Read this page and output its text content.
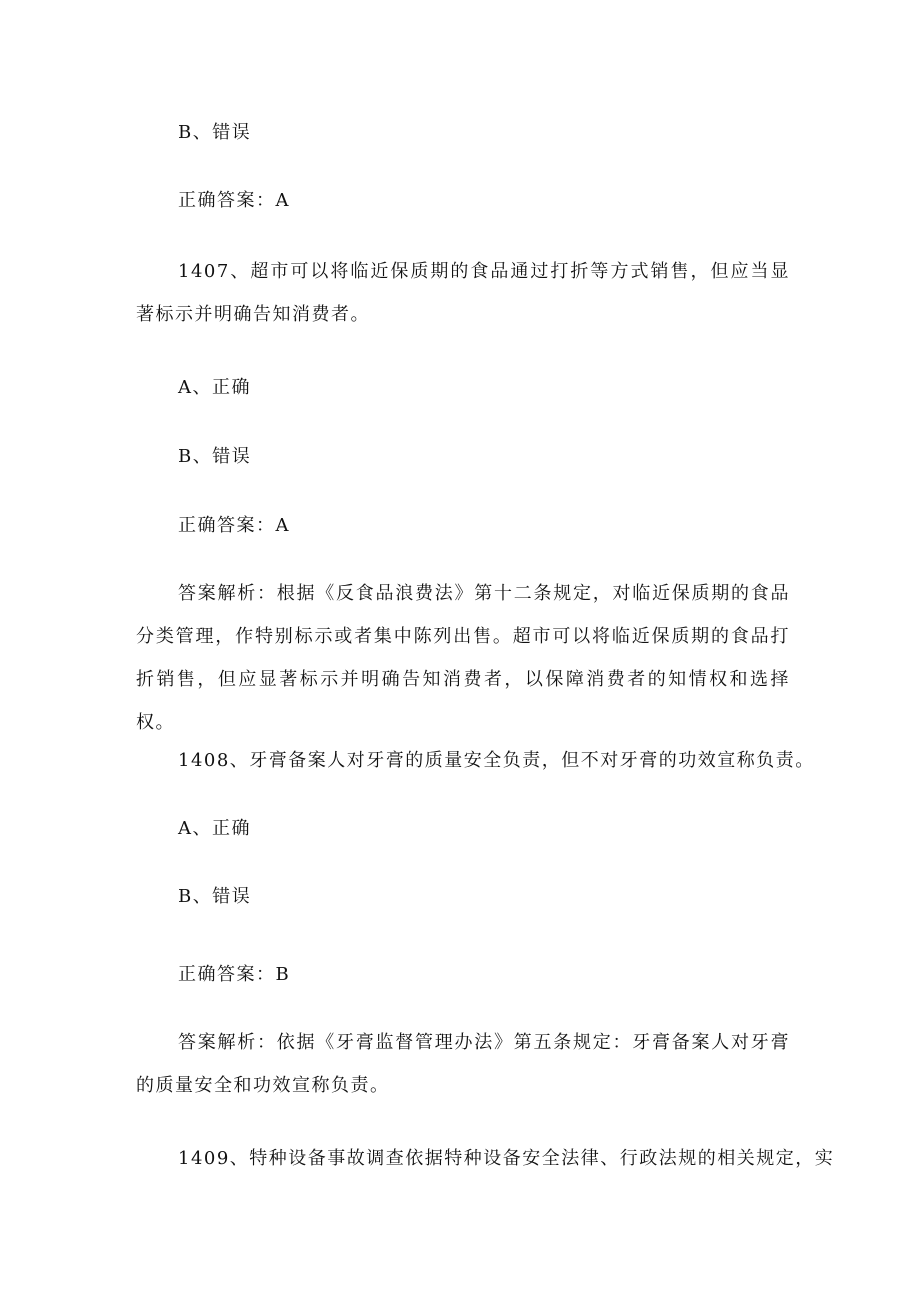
B、错误
正确答案：A
1407、超市可以将临近保质期的食品通过打折等方式销售，但应当显著标示并明确告知消费者。
A、正确
B、错误
正确答案：A
答案解析：根据《反食品浪费法》第十二条规定，对临近保质期的食品分类管理，作特别标示或者集中陈列出售。超市可以将临近保质期的食品打折销售，但应显著标示并明确告知消费者，以保障消费者的知情权和选择权。
1408、牙膏备案人对牙膏的质量安全负责，但不对牙膏的功效宣称负责。
A、正确
B、错误
正确答案：B
答案解析：依据《牙膏监督管理办法》第五条规定：牙膏备案人对牙膏的质量安全和功效宣称负责。
1409、特种设备事故调查依据特种设备安全法律、行政法规的相关规定，实
